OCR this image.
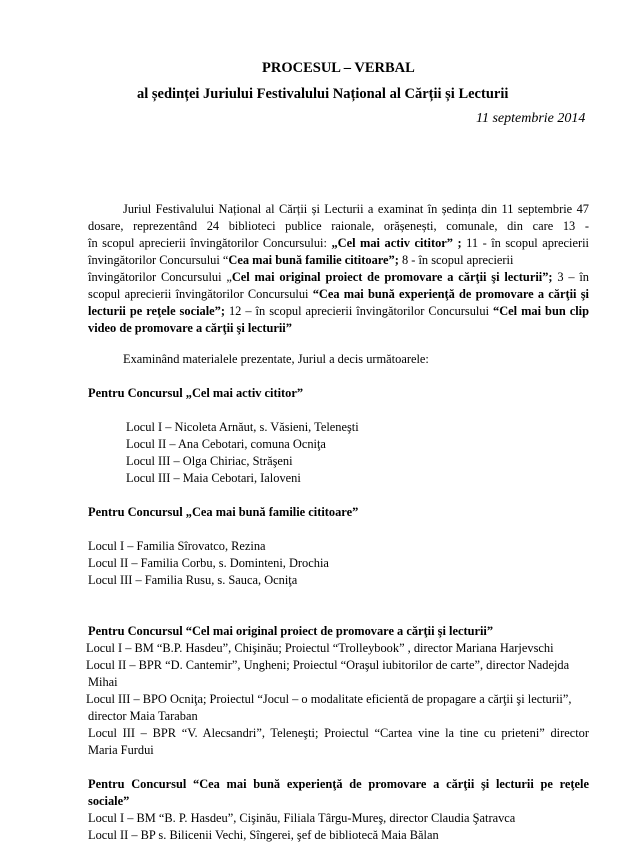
PROCESUL – VERBAL
al ședinței Juriului Festivalului Național al Cărții și Lecturii
11 septembrie 2014
Juriul Festivalului Național al Cărții și Lecturii a examinat în ședința din 11 septembrie 47
dosare, reprezentând 24 biblioteci publice raionale, orășenești, comunale, din care 13 -
în scopul aprecierii învingătorilor Concursului: „Cel mai activ cititor” ; 11 - în scopul aprecierii
învingătorilor Concursului “Cea mai bună familie cititoare”; 8 - în scopul aprecierii
învingătorilor Concursului „Cel mai original proiect de promovare a cărţii şi lecturii”; 3 – în
scopul aprecierii învingătorilor Concursului “Cea mai bună experienţă de promovare a cărţii şi
lecturii pe reţele sociale”; 12 – în scopul aprecierii învingătorilor Concursului “Cel mai bun clip
video de promovare a cărţii şi lecturii”
Examinând materialele prezentate, Juriul a decis următoarele:
Pentru Concursul „Cel mai activ cititor”
Locul I – Nicoleta Arnăut, s. Văsieni, Teleneşti
Locul II – Ana Cebotari, comuna Ocniţa
Locul III – Olga Chiriac, Străşeni
Locul III – Maia Cebotari, Ialoveni
Pentru Concursul „Cea mai bună familie cititoare”
Locul I – Familia Sîrovatco, Rezina
Locul II – Familia Corbu, s. Dominteni, Drochia
Locul III – Familia Rusu, s. Sauca, Ocniţa
Pentru Concursul “Cel mai original proiect de promovare a cărţii şi lecturii”
Locul I – BM “B.P. Hasdeu”, Chişinău; Proiectul “Trolleybook” , director Mariana Harjevschi
Locul II – BPR “D. Cantemir”, Ungheni; Proiectul “Oraşul iubitorilor de carte”, director Nadejda
Mihai
Locul III – BPO Ocniţa; Proiectul “Jocul – o modalitate eficientă de propagare a cărţii şi lecturii”,
director Maia Taraban
Locul III – BPR “V. Alecsandri”, Teleneşti; Proiectul “Cartea vine la tine cu prieteni” director
Maria Furdui
Pentru Concursul “Cea mai bună experienţă de promovare a cărţii şi lecturii pe reţele
sociale”
Locul I – BM “B. P. Hasdeu”, Cişinău, Filiala Târgu-Mureş, director Claudia Şatravca
Locul II – BP s. Bilicenii Vechi, Sîngerei, şef de bibliotecă Maia Bălan
